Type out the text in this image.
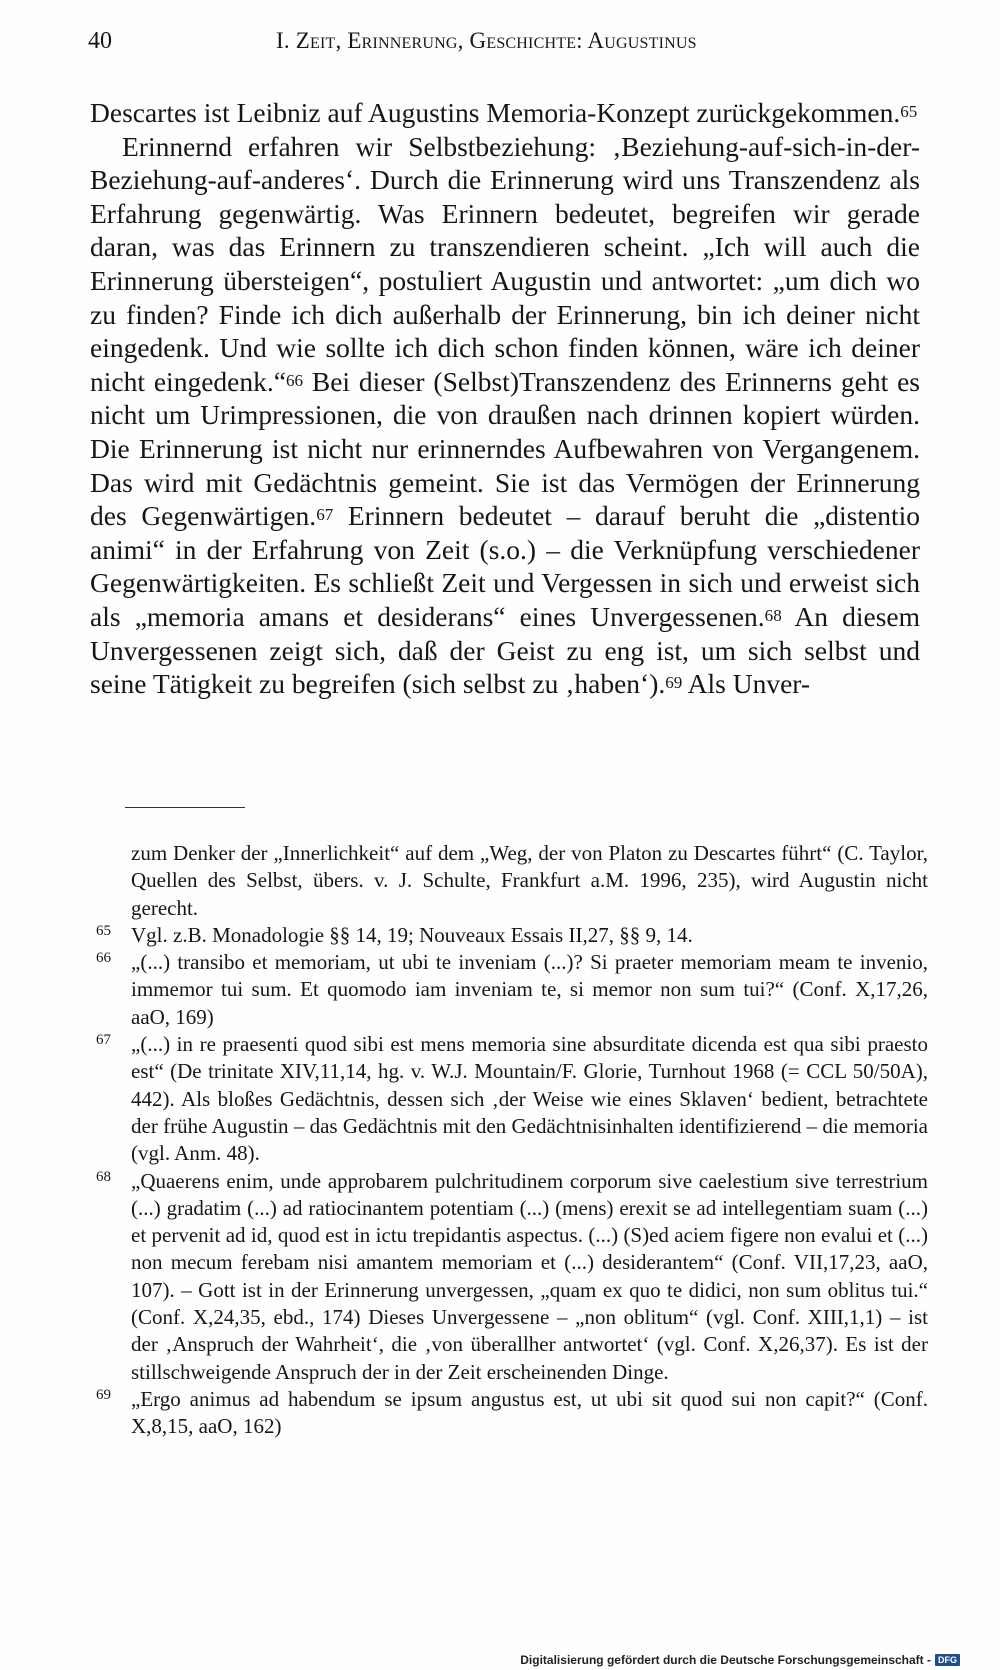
40	I. Zeit, Erinnerung, Geschichte: Augustinus

Descartes ist Leibniz auf Augustins Memoria-Konzept zurückgekommen.$^{65}$

Erinnernd erfahren wir Selbstbeziehung: ‚Beziehung-auf-sich-in-der-Beziehung-auf-anderes‘. Durch die Erinnerung wird uns Transzendenz als Erfahrung gegenwärtig. Was Erinnern bedeutet, begreifen wir gerade daran, was das Erinnern zu transzendieren scheint. „Ich will auch die Erinnerung übersteigen“, postuliert Augustin und antwortet: „um dich wo zu finden? Finde ich dich außerhalb der Erinnerung, bin ich deiner nicht eingedenk. Und wie sollte ich dich schon finden können, wäre ich deiner nicht eingedenk.“$^{66}$ Bei dieser (Selbst)Transzendenz des Erinnerns geht es nicht um Urimpressionen, die von draußen nach drinnen kopiert würden. Die Erinnerung ist nicht nur erinnerndes Aufbewahren von Vergangenem. Das wird mit Gedächtnis gemeint. Sie ist das Vermögen der Erinnerung des Gegenwärtigen.$^{67}$ Erinnern bedeutet – darauf beruht die „distentio animi“ in der Erfahrung von Zeit (s.o.) – die Verknüpfung verschiedener Gegenwärtigkeiten. Es schließt Zeit und Vergessen in sich und erweist sich als „memoria amans et desiderans“ eines Unvergessenen.$^{68}$ An diesem Unvergessenen zeigt sich, daß der Geist zu eng ist, um sich selbst und seine Tätigkeit zu begreifen (sich selbst zu ‚haben‘).$^{69}$ Als Unver-

zum Denker der „Innerlichkeit“ auf dem „Weg, der von Platon zu Descartes führt“ (C. Taylor, Quellen des Selbst, übers. v. J. Schulte, Frankfurt a.M. 1996, 235), wird Augustin nicht gerecht.
65 Vgl. z.B. Monadologie §§ 14, 19; Nouveaux Essais II,27, §§ 9, 14.
66 „(...) transibo et memoriam, ut ubi te inveniam (...)? Si praeter memoriam meam te invenio, immemor tui sum. Et quomodo iam inveniam te, si memor non sum tui?“ (Conf. X,17,26, aaO, 169)
67 „(...) in re praesenti quod sibi est mens memoria sine absurditate dicenda est qua sibi praesto est“ (De trinitate XIV,11,14, hg. v. W.J. Mountain/F. Glorie, Turnhout 1968 (= CCL 50/50A), 442). Als bloßes Gedächtnis, dessen sich ‚der Weise wie eines Sklaven‘ bedient, betrachtete der frühe Augustin – das Gedächtnis mit den Gedächtnisinhalten identifizierend – die memoria (vgl. Anm. 48).
68 „Quaerens enim, unde approbarem pulchritudinem corporum sive caelestium sive terrestrium (...) gradatim (...) ad ratiocinantem potentiam (...) (mens) erexit se ad intellegentiam suam (...) et pervenit ad id, quod est in ictu trepidantis aspectus. (...) (S)ed aciem figere non evalui et (...) non mecum ferebam nisi amantem memoriam et (...) desiderantem“ (Conf. VII,17,23, aaO, 107). – Gott ist in der Erinnerung unvergessen, „quam ex quo te didici, non sum oblitus tui.“ (Conf. X,24,35, ebd., 174) Dieses Unvergessene – „non oblitum“ (vgl. Conf. XIII,1,1) – ist der ‚Anspruch der Wahrheit‘, die ‚von überallher antwortet‘ (vgl. Conf. X,26,37). Es ist der stillschweigende Anspruch der in der Zeit erscheinenden Dinge.
69 „Ergo animus ad habendum se ipsum angustus est, ut ubi sit quod sui non capit?“ (Conf. X,8,15, aaO, 162)
Digitalisierung gefördert durch die Deutsche Forschungsgemeinschaft - DFG
